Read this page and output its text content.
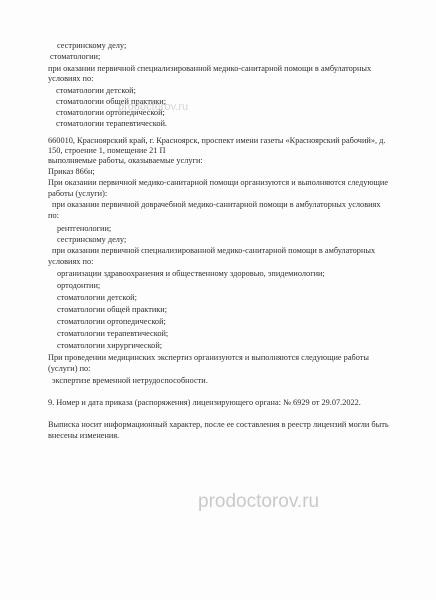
сестринскому делу;
стоматологии;
при оказании первичной специализированной медико-санитарной помощи в амбулаторных
условиях по:
стоматологии детской;
стоматологии общей практики;
стоматологии ортопедической;
стоматологии терапевтической.
660010, Красноярский край, г. Красноярск, проспект имени газеты «Красноярский рабочий», д.
150, строение 1, помещение 21 П
выполняемые работы, оказываемые услуги:
Приказ 866н;
При оказании первичной медико-санитарной помощи организуются и выполняются следующие
работы (услуги):
при оказании первичной доврачебной медико-санитарной помощи в амбулаторных условиях
по:
рентгенологии;
сестринскому делу;
при оказании первичной специализированной медико-санитарной помощи в амбулаторных
условиях по:
организации здравоохранения и общественному здоровью, эпидемиологии;
ортодонтии;
стоматологии детской;
стоматологии общей практики;
стоматологии ортопедической;
стоматологии терапевтической;
стоматологии хирургической;
При проведении медицинских экспертиз организуются и выполняются следующие работы
(услуги) по:
экспертизе временной нетрудоспособности.
9. Номер и дата приказа (распоряжения) лицензирующего органа: № 6929 от 29.07.2022.
Выписка носит информационный характер, после ее составления в реестр лицензий могли быть
внесены изменения.
prodoctorov.ru
prodoctorov.ru
